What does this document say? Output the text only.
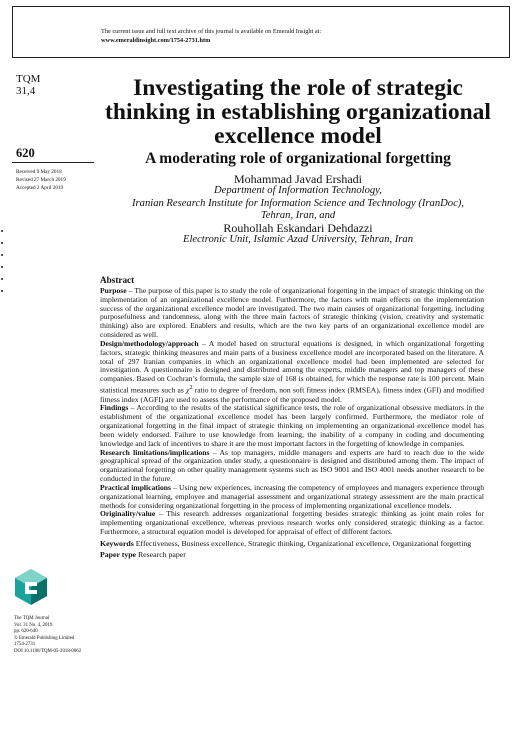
The current issue and full text archive of this journal is available on Emerald Insight at:
www.emeraldinsight.com/1754-2731.htm
TQM
31,4
620
Received 9 May 2018
Revised 27 March 2019
Accepted 2 April 2019
Investigating the role of strategic thinking in establishing organizational excellence model
A moderating role of organizational forgetting
Mohammad Javad Ershadi
Department of Information Technology,
Iranian Research Institute for Information Science and Technology (IranDoc),
Tehran, Iran, and
Rouhollah Eskandari Dehdazzi
Electronic Unit, Islamic Azad University, Tehran, Iran
Abstract

Purpose – The purpose of this paper is to study the role of organizational forgetting in the impact of strategic thinking on the implementation of an organizational excellence model. Furthermore, the factors with main effects on the implementation success of the organizational excellence model are investigated. The two main causes of organizational forgetting, including purposefulness and randomness, along with the three main factors of strategic thinking (vision, creativity and systematic thinking) also are explored. Enablers and results, which are the two key parts of an organizational excellence model are considered as well.

Design/methodology/approach – A model based on structural equations is designed, in which organizational forgetting factors, strategic thinking measures and main parts of a business excellence model are incorporated based on the literature. A total of 297 Iranian companies in which an organizational excellence model had been implemented are selected for investigation. A questionnaire is designed and distributed among the experts, middle managers and top managers of these companies. Based on Cochran’s formula, the sample size of 168 is obtained, for which the response rate is 100 percent. Main statistical measures such as $\chi^2$ ratio to degree of freedom, non soft fitness index (RMSEA), fitness index (GFI) and modified fitness index (AGFI) are used to assess the performance of the proposed model.

Findings – According to the results of the statistical significance tests, the role of organizational obsessive mediators in the establishment of the organizational excellence model has been largely confirmed. Furthermore, the mediator role of organizational forgetting in the final impact of strategic thinking on implementing an organizational excellence model has been widely endorsed. Failure to use knowledge from learning, the inability of a company in coding and documenting knowledge and lack of incentives to share it are the most important factors in the forgetting of knowledge in companies.

Research limitations/implications – As top managers, middle managers and experts are hard to reach due to the wide geographical spread of the organization under study, a questionnaire is designed and distributed among them. The impact of organizational forgetting on other quality management systems such as ISO 9001 and ISO 4001 needs another research to be conducted in the future.

Practical implications – Using new experiences, increasing the competency of employees and managers experience through organizational learning, employee and managerial assessment and organizational strategy assessment are the main practical methods for considering organizational forgetting in the process of implementing organizational excellence models.

Originality/value – This research addresses organizational forgetting besides strategic thinking as joint main roles for implementing organizational excellence, whereas previous research works only considered strategic thinking as a factor. Furthermore, a structural equation model is developed for appraisal of effect of different factors.

Keywords Effectiveness, Business excellence, Strategic thinking, Organizational excellence, Organizational forgetting

Paper type Research paper

The TQM Journal
Vol. 31 No. 4, 2019
pp. 620-640
© Emerald Publishing Limited
1754-2731
DOI 10.1108/TQM-05-2018-0062
